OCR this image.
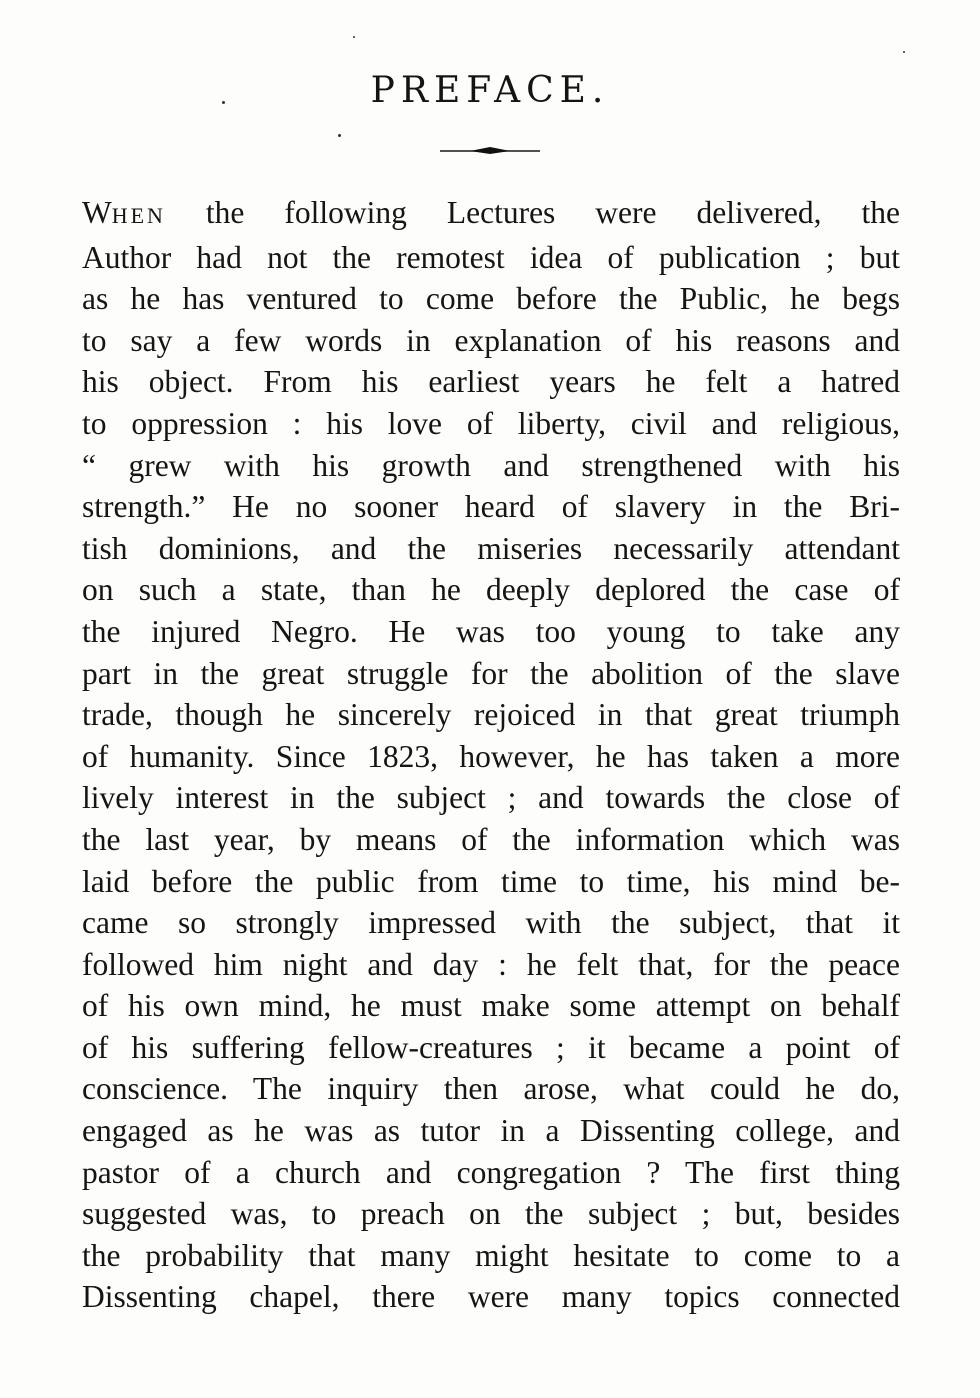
PREFACE.
WHEN the following Lectures were delivered, the
Author had not the remotest idea of publication ; but
as he has ventured to come before the Public, he begs
to say a few words in explanation of his reasons and
his object. From his earliest years he felt a hatred
to oppression : his love of liberty, civil and religious,
“ grew with his growth and strengthened with his
strength.” He no sooner heard of slavery in the Bri-
tish dominions, and the miseries necessarily attendant
on such a state, than he deeply deplored the case of
the injured Negro. He was too young to take any
part in the great struggle for the abolition of the slave
trade, though he sincerely rejoiced in that great triumph
of humanity. Since 1823, however, he has taken a more
lively interest in the subject ; and towards the close of
the last year, by means of the information which was
laid before the public from time to time, his mind be-
came so strongly impressed with the subject, that it
followed him night and day : he felt that, for the peace
of his own mind, he must make some attempt on behalf
of his suffering fellow-creatures ; it became a point of
conscience. The inquiry then arose, what could he do,
engaged as he was as tutor in a Dissenting college, and
pastor of a church and congregation ? The first thing
suggested was, to preach on the subject ; but, besides
the probability that many might hesitate to come to a
Dissenting chapel, there were many topics connected
